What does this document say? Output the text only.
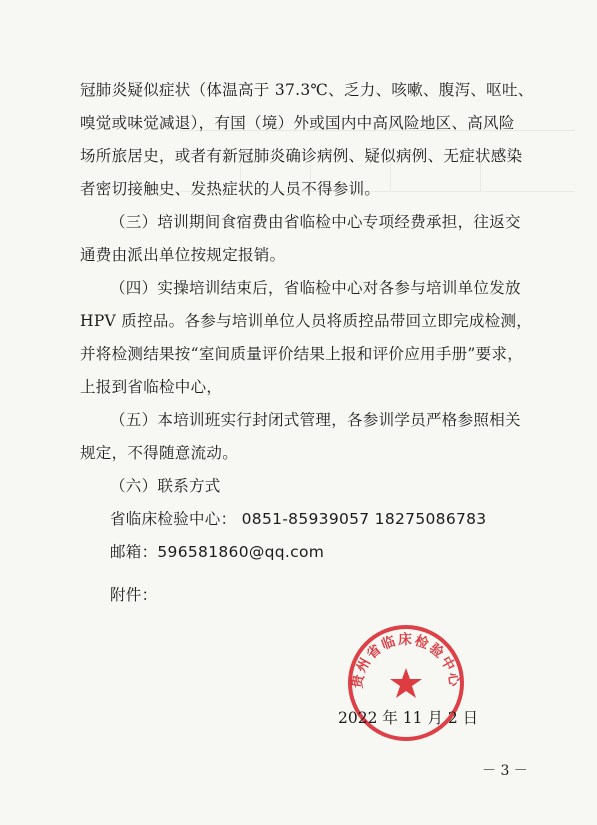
冠肺炎疑似症状（体温高于 37.3℃、乏力、咳嗽、腹泻、呕吐、
嗅觉或味觉减退），有国（境）外或国内中高风险地区、高风险
场所旅居史，或者有新冠肺炎确诊病例、疑似病例、无症状感染
者密切接触史、发热症状的人员不得参训。
（三）培训期间食宿费由省临检中心专项经费承担，往返交
通费由派出单位按规定报销。
（四）实操培训结束后，省临检中心对各参与培训单位发放
HPV 质控品。各参与培训单位人员将质控品带回立即完成检测，
并将检测结果按“室间质量评价结果上报和评价应用手册”要求，
上报到省临检中心，
（五）本培训班实行封闭式管理，各参训学员严格参照相关
规定，不得随意流动。
（六）联系方式
省临床检验中心： 0851-85939057 18275086783
邮箱：596581860@qq.com
附件：
－ 3 －
贵州省临床检验中心
2022 年 11 月 2 日
